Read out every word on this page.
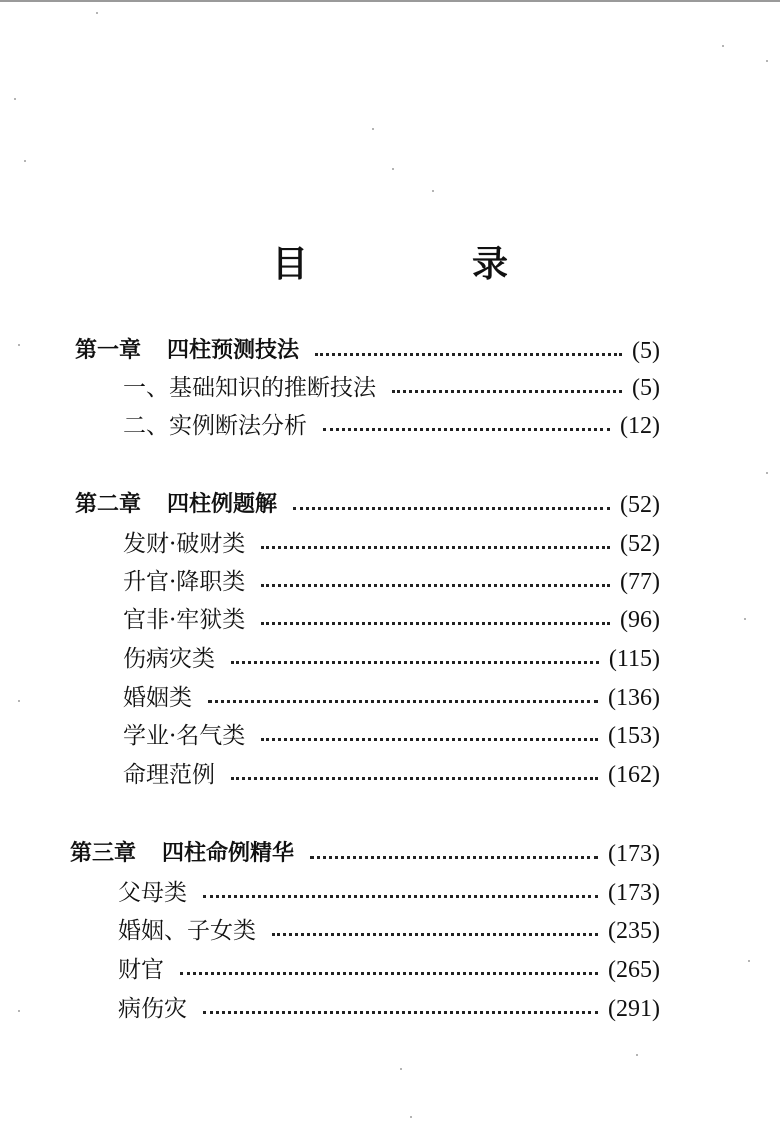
目　录
第一章 四柱预测技法	(5)
一、基础知识的推断技法	(5)
二、实例断法分析	(12)
第二章 四柱例题解	(52)
发财·破财类	(52)
升官·降职类	(77)
官非·牢狱类	(96)
伤病灾类	(115)
婚姻类	(136)
学业·名气类	(153)
命理范例	(162)
第三章 四柱命例精华	(173)
父母类	(173)
婚姻、子女类	(235)
财官	(265)
病伤灾	(291)
